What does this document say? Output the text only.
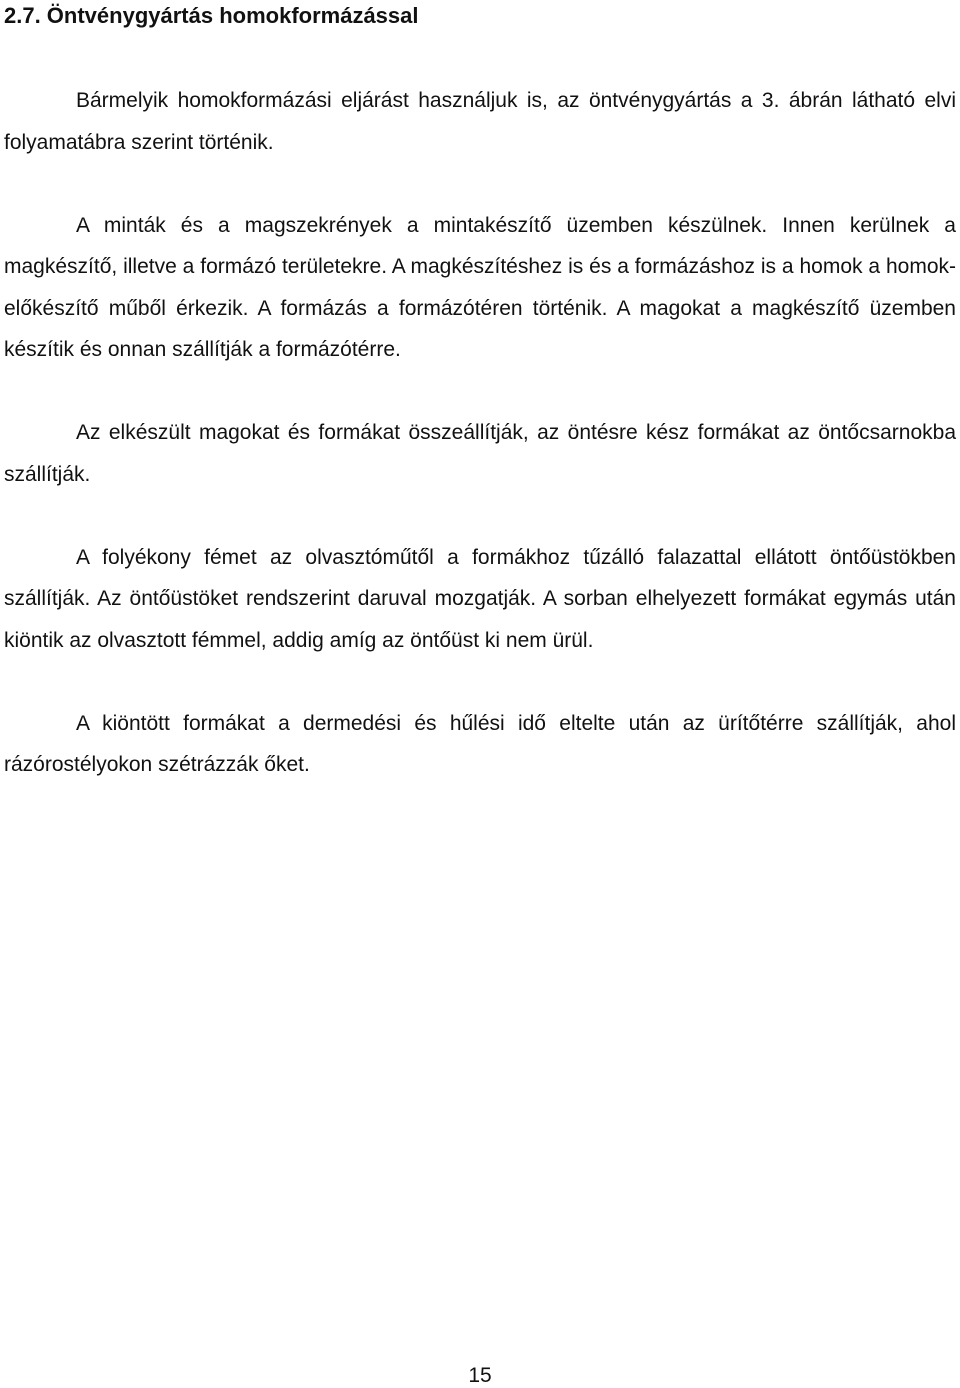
2.7. Öntvénygyártás homokformázással

Bármelyik homokformázási eljárást használjuk is, az öntvénygyártás a 3. ábrán látható elvi folyamatábra szerint történik.

A minták és a magszekrények a mintakészítő üzemben készülnek. Innen kerülnek a magkészítő, illetve a formázó területekre. A magkészítéshez is és a formázáshoz is a homok a homok-előkészítő műből érkezik. A formázás a formázótéren történik. A magokat a magkészítő üzemben készítik és onnan szállítják a formázótérre.

Az elkészült magokat és formákat összeállítják, az öntésre kész formákat az öntőcsarnokba szállítják.

A folyékony fémet az olvasztóműtől a formákhoz tűzálló falazattal ellátott öntőüstökben szállítják. Az öntőüstöket rendszerint daruval mozgatják. A sorban elhelyezett formákat egymás után kiöntik az olvasztott fémmel, addig amíg az öntőüst ki nem ürül.

A kiöntött formákat a dermedési és hűlési idő eltelte után az ürítőtérre szállítják, ahol rázórostélyokon szétrázzák őket.

15
